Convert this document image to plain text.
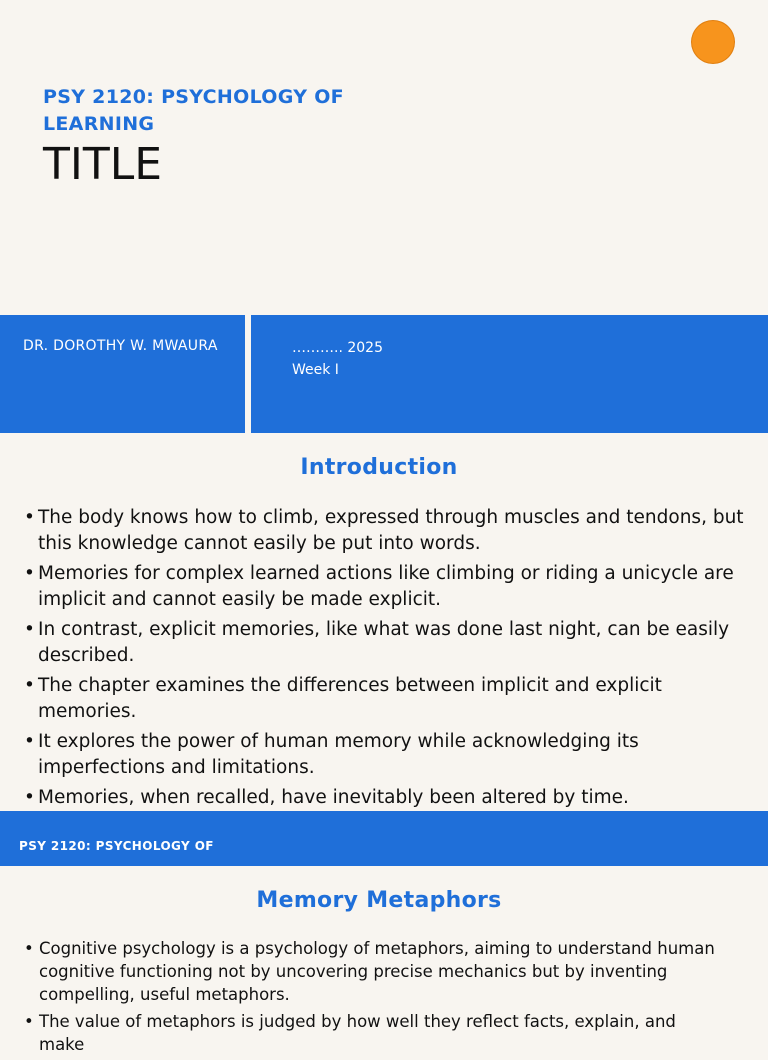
PSY 2120: PSYCHOLOGY OF LEARNING
TITLE
DR. DOROTHY W. MWAURA	……….. 2025
Week I
Introduction
• The body knows how to climb, expressed through muscles and tendons, but this knowledge cannot easily be put into words.
• Memories for complex learned actions like climbing or riding a unicycle are implicit and cannot easily be made explicit.
• In contrast, explicit memories, like what was done last night, can be easily described.
• The chapter examines the differences between implicit and explicit memories.
• It explores the power of human memory while acknowledging its imperfections and limitations.
• Memories, when recalled, have inevitably been altered by time.
PSY 2120: PSYCHOLOGY OF
Memory Metaphors
• Cognitive psychology is a psychology of metaphors, aiming to understand human cognitive functioning not by uncovering precise mechanics but by inventing compelling, useful metaphors.
• The value of metaphors is judged by how well they reflect facts, explain, and make
